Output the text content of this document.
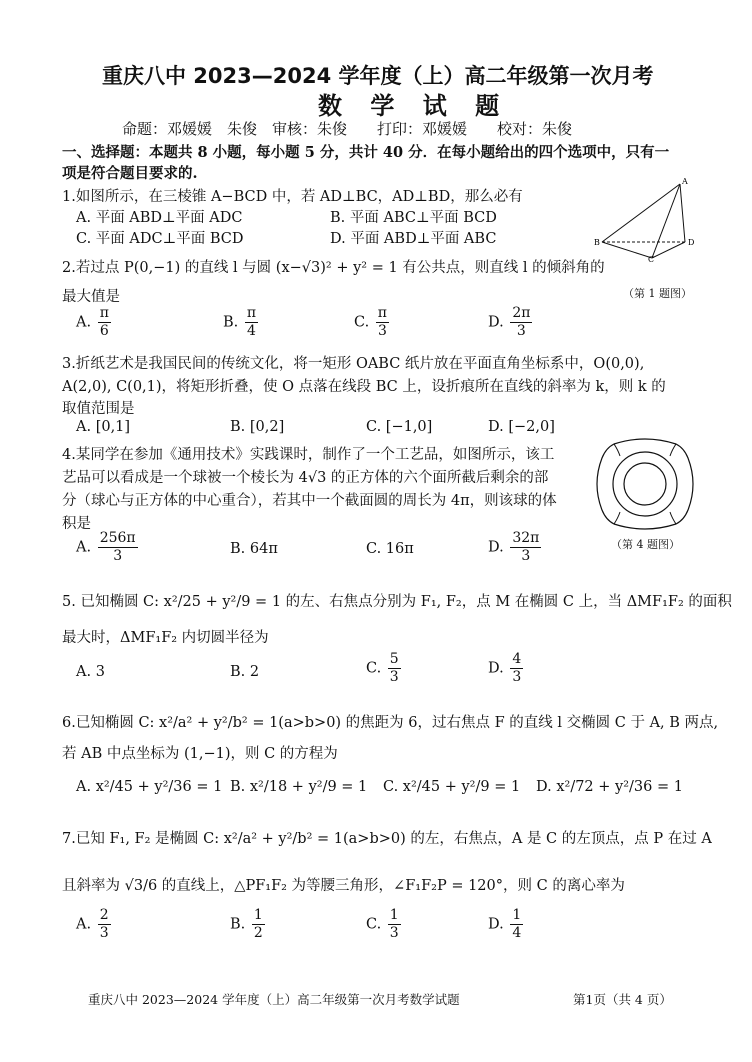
重庆八中 2023—2024 学年度（上）高二年级第一次月考
数 学 试 题
命题：邓媛媛　朱俊　审核：朱俊　　打印：邓媛媛　　校对：朱俊
一、选择题：本题共 8 小题，每小题 5 分，共计 40 分．在每小题给出的四个选项中，只有一
项是符合题目要求的.
1.如图所示，在三棱锥 A−BCD 中，若 AD⊥BC，AD⊥BD，那么必有
A. 平面 ABD⊥平面 ADC	B. 平面 ABC⊥平面 BCD
C. 平面 ADC⊥平面 BCD	D. 平面 ABD⊥平面 ABC
A
B	D
C
（第 1 题图）
2.若过点 P(0,−1) 的直线 l 与圆 (x−√3)² + y² = 1 有公共点，则直线 l 的倾斜角的
最大值是
A. $\frac{\pi}{6}$	B. $\frac{\pi}{4}$	C. $\frac{\pi}{3}$	D. $\frac{2\pi}{3}$
3.折纸艺术是我国民间的传统文化，将一矩形 OABC 纸片放在平面直角坐标系中，O(0,0),
A(2,0), C(0,1)，将矩形折叠，使 O 点落在线段 BC 上，设折痕所在直线的斜率为 k，则 k 的
取值范围是
A. [0,1]	B. [0,2]	C. [−1,0]	D. [−2,0]
4.某同学在参加《通用技术》实践课时，制作了一个工艺品，如图所示，该工
艺品可以看成是一个球被一个棱长为 4√3 的正方体的六个面所截后剩余的部
分（球心与正方体的中心重合），若其中一个截面圆的周长为 4π，则该球的体
积是
A. $\frac{256\pi}{3}$	B. 64π	C. 16π	D. $\frac{32\pi}{3}$	（第 4 题图）
5. 已知椭圆 C: x²/25 + y²/9 = 1 的左、右焦点分别为 F₁, F₂，点 M 在椭圆 C 上，当 ΔMF₁F₂ 的面积
最大时，ΔMF₁F₂ 内切圆半径为
A. 3	B. 2	C. $\frac{5}{3}$	D. $\frac{4}{3}$
6.已知椭圆 C: x²/a² + y²/b² = 1(a>b>0) 的焦距为 6，过右焦点 F 的直线 l 交椭圆 C 于 A, B 两点,
若 AB 中点坐标为 (1,−1)，则 C 的方程为
A. x²/45 + y²/36 = 1 B. x²/18 + y²/9 = 1 C. x²/45 + y²/9 = 1 D. x²/72 + y²/36 = 1
7.已知 F₁, F₂ 是椭圆 C: x²/a² + y²/b² = 1(a>b>0) 的左，右焦点，A 是 C 的左顶点，点 P 在过 A
且斜率为 √3/6 的直线上，△PF₁F₂ 为等腰三角形，∠F₁F₂P = 120°，则 C 的离心率为
A. $\frac{2}{3}$	B. $\frac{1}{2}$	C. $\frac{1}{3}$	D. $\frac{1}{4}$
重庆八中 2023—2024 学年度（上）高二年级第一次月考数学试题	第1页（共 4 页）
